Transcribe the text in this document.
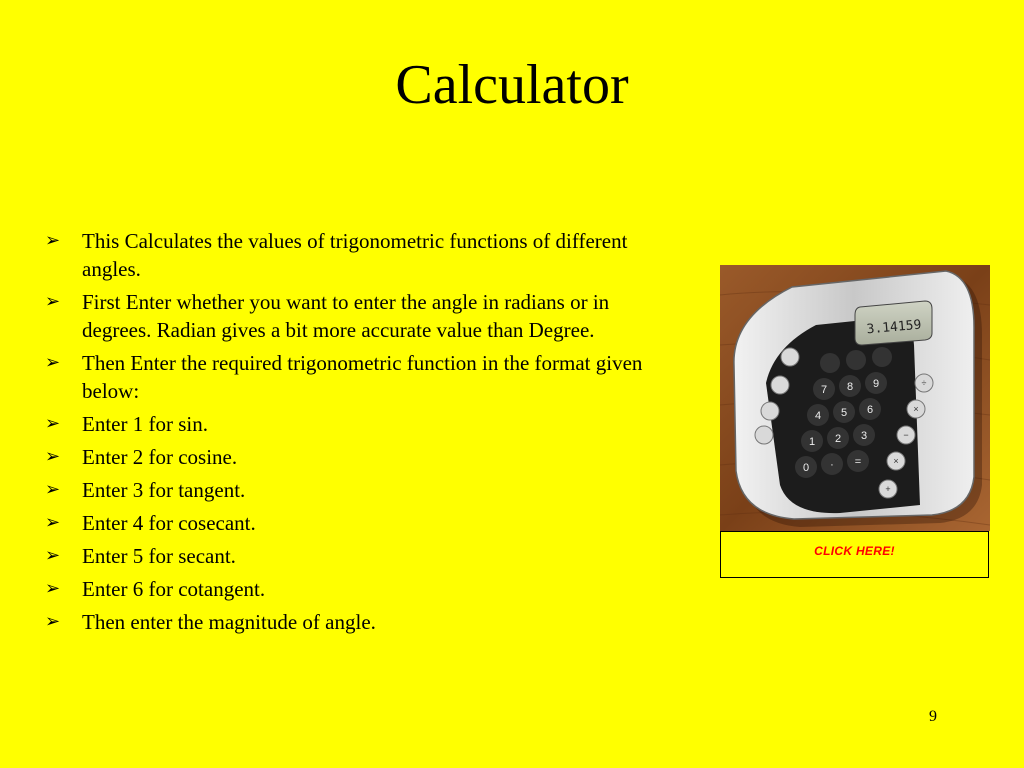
Calculator
➢ This Calculates the values of trigonometric functions of different angles.
➢ First Enter whether you want to enter the angle in radians or in degrees. Radian gives a bit more accurate value than Degree.
➢ Then Enter the required trigonometric function in the format given below:
➢ Enter 1 for sin.
➢ Enter 2 for cosine.
➢ Enter 3 for tangent.
➢ Enter 4 for cosecant.
➢ Enter 5 for secant.
➢ Enter 6 for cotangent.
➢ Then enter the magnitude of angle.
3.14159
7 8 9
4 5 6
1 2 3
0 · =
÷
×
−
×
+
CLICK HERE!
9
